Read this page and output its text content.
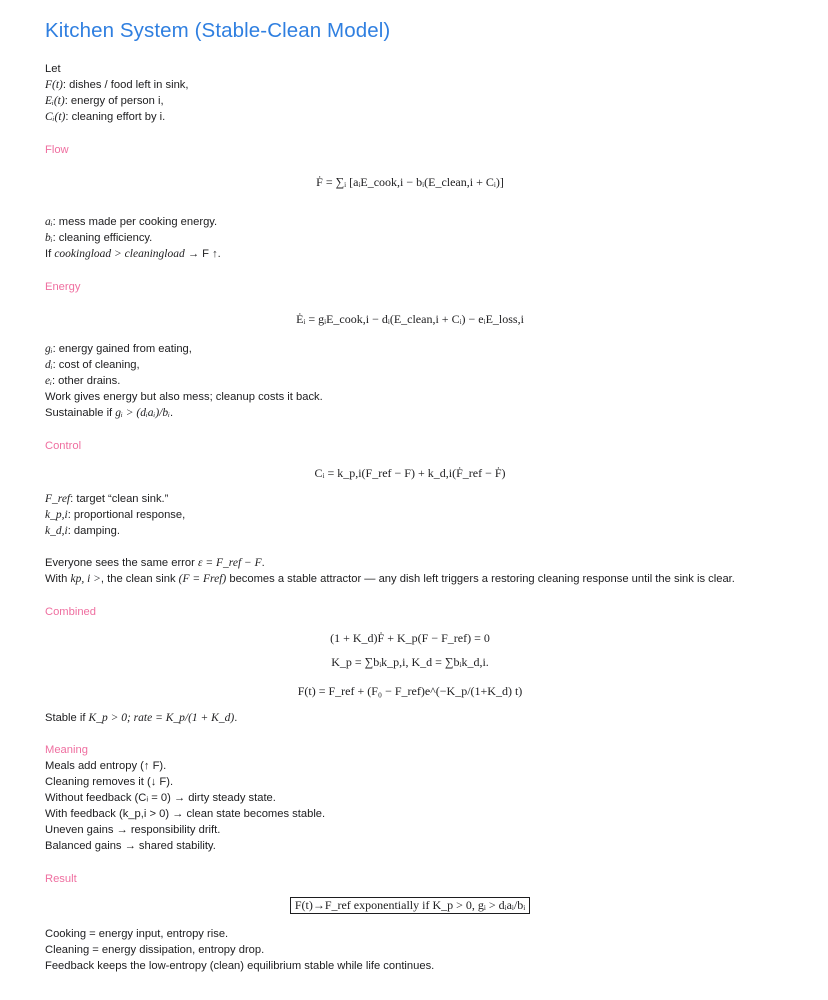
Kitchen System (Stable-Clean Model)
Let
F(t): dishes / food left in sink,
Eᵢ(t): energy of person i,
Cᵢ(t): cleaning effort by i.
Flow
Ḟ = ∑ᵢ [aᵢE_cook,i − bᵢ(E_clean,i + Cᵢ)]
aᵢ: mess made per cooking energy.
bᵢ: cleaning efficiency.
If cookingload > cleaningload → F ↑.
Energy
Ėᵢ = gᵢE_cook,i − dᵢ(E_clean,i + Cᵢ) − eᵢE_loss,i
gᵢ: energy gained from eating,
dᵢ: cost of cleaning,
eᵢ: other drains.
Work gives energy but also mess; cleanup costs it back.
Sustainable if gᵢ > (dᵢaᵢ)/bᵢ.
Control
Cᵢ = k_p,i(F_ref − F) + k_d,i(Ḟ_ref − Ḟ)
F_ref: target “clean sink.”
k_p,i: proportional response,
k_d,i: damping.
Everyone sees the same error ε = F_ref − F.
With kp, i >, the clean sink (F = Fref) becomes a stable attractor — any dish left triggers a restoring cleaning response until the sink is clear.
Combined
(1 + K_d)Ḟ + K_p(F − F_ref) = 0
K_p = ∑bᵢk_p,i, K_d = ∑bᵢk_d,i.
F(t) = F_ref + (F₀ − F_ref)e^(−K_p/(1+K_d) t)
Stable if K_p > 0; rate = K_p/(1 + K_d).
Meaning
Meals add entropy (↑ F).
Cleaning removes it (↓ F).
Without feedback (Cᵢ = 0) → dirty steady state.
With feedback (k_p,i > 0) → clean state becomes stable.
Uneven gains → responsibility drift.
Balanced gains → shared stability.
Result
F(t)→F_ref exponentially if K_p > 0, gᵢ > dᵢaᵢ/bᵢ
Cooking = energy input, entropy rise.
Cleaning = energy dissipation, entropy drop.
Feedback keeps the low-entropy (clean) equilibrium stable while life continues.
